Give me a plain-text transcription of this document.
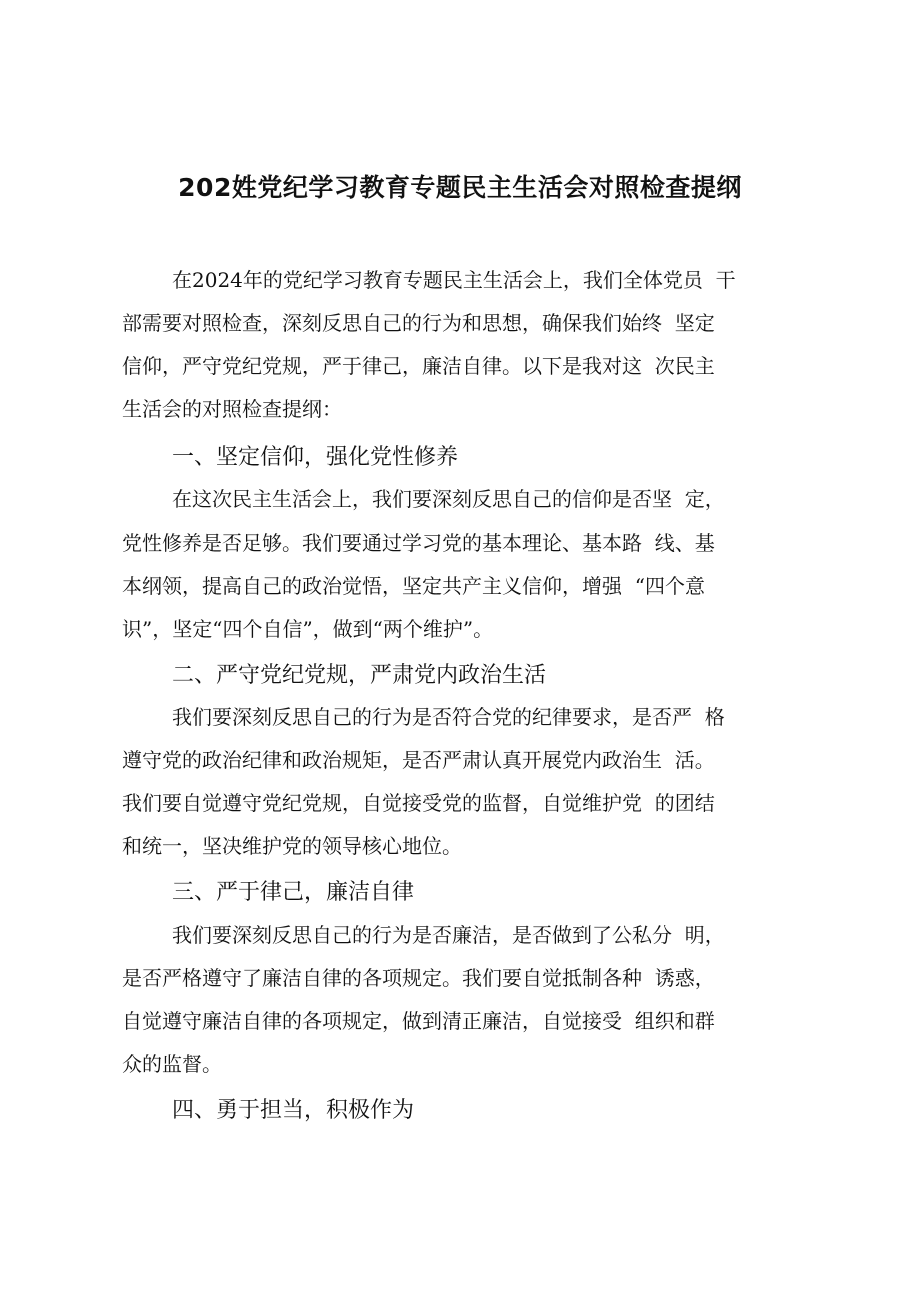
202姓党纪学习教育专题民主生活会对照检查提纲
在2024年的党纪学习教育专题民主生活会上，我们全体党员  干
部需要对照检查，深刻反思自己的行为和思想，确保我们始终  坚定
信仰，严守党纪党规，严于律己，廉洁自律。以下是我对这  次民主
生活会的对照检查提纲：
一、坚定信仰，强化党性修养
在这次民主生活会上，我们要深刻反思自己的信仰是否坚  定，
党性修养是否足够。我们要通过学习党的基本理论、基本路  线、基
本纲领，提高自己的政治觉悟，坚定共产主义信仰，增强  “四个意
识”，坚定“四个自信”，做到“两个维护”。
二、严守党纪党规，严肃党内政治生活
我们要深刻反思自己的行为是否符合党的纪律要求，是否严  格
遵守党的政治纪律和政治规矩，是否严肃认真开展党内政治生  活。
我们要自觉遵守党纪党规，自觉接受党的监督，自觉维护党  的团结
和统一，坚决维护党的领导核心地位。
三、严于律己，廉洁自律
我们要深刻反思自己的行为是否廉洁，是否做到了公私分  明，
是否严格遵守了廉洁自律的各项规定。我们要自觉抵制各种  诱惑，
自觉遵守廉洁自律的各项规定，做到清正廉洁，自觉接受  组织和群
众的监督。
四、勇于担当，积极作为
